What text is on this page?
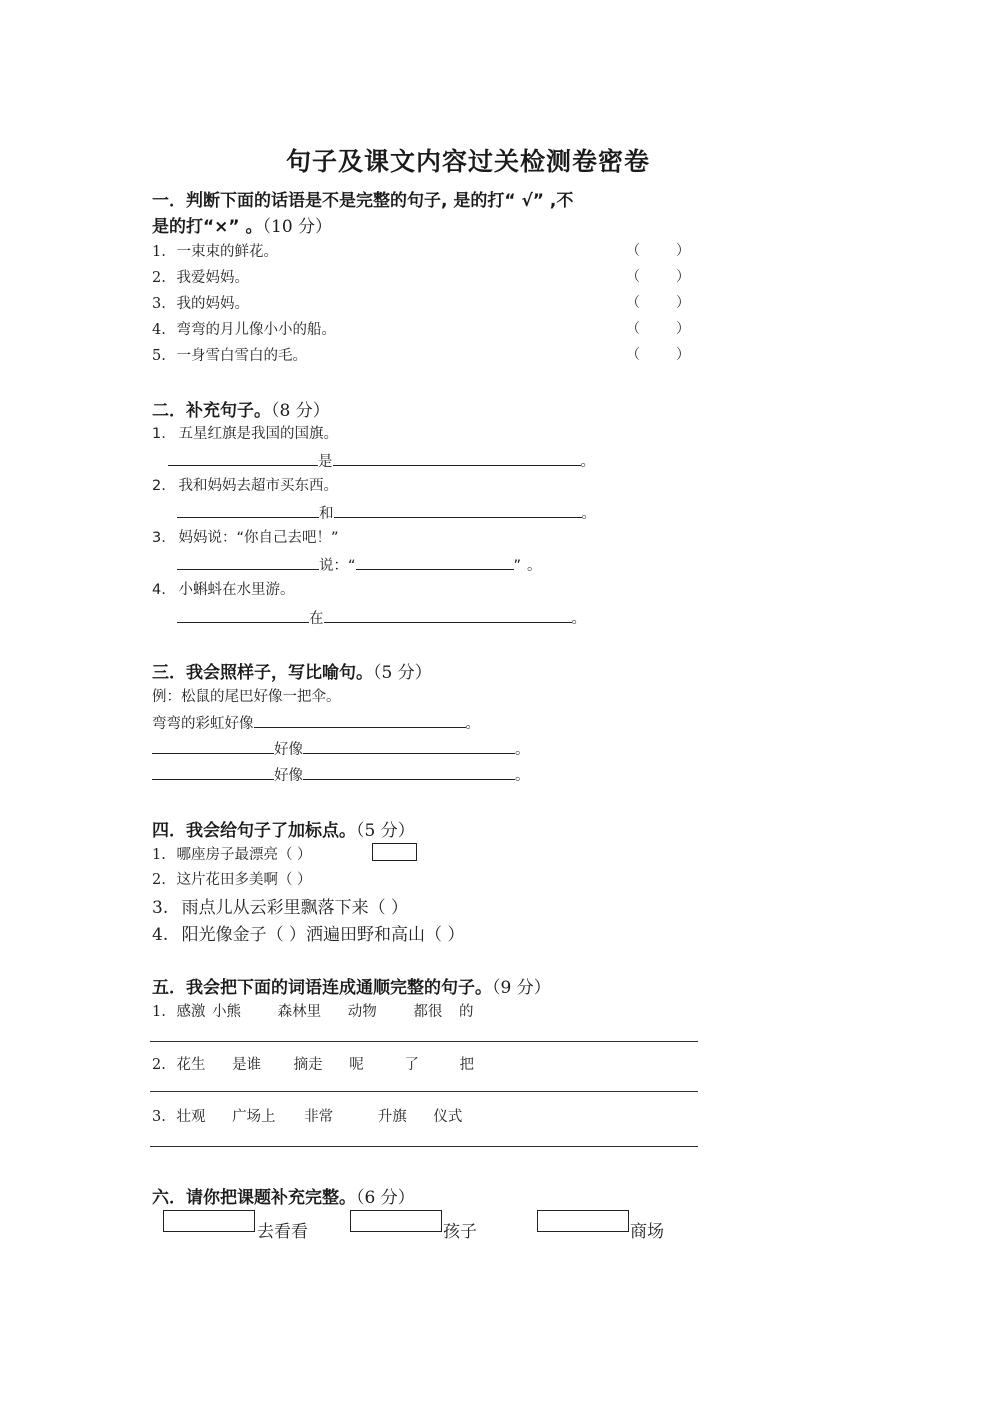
句子及课文内容过关检测卷密卷
一．判断下面的话语是不是完整的句子, 是的打“ √” ,不
是的打“×” 。（10 分）
1. 一束束的鲜花。	（	）
2. 我爱妈妈。	（	）
3. 我的妈妈。	（	）
4. 弯弯的月儿像小小的船。	（	）
5. 一身雪白雪白的毛。	（	）
二．补充句子。（8 分）
1. 五星红旗是我国的国旗。
是	。
2. 我和妈妈去超市买东西。
和	。
3. 妈妈说：“你自己去吧！”
说：“	” 。
4. 小蝌蚪在水里游。
在	。
三．我会照样子，写比喻句。（5 分）
例：松鼠的尾巴好像一把伞。
弯弯的彩虹好像	。
好像	。
好像	。
四．我会给句子了加标点。（5 分）
1. 哪座房子最漂亮（ ）
2. 这片花田多美啊（ ）
3. 雨点儿从云彩里飘落下来（ ）
4. 阳光像金子（ ）洒遍田野和高山（ ）
五．我会把下面的词语连成通顺完整的句子。（9 分）
1. 感激 小熊	森林里 动物	都很 的
2. 花生 是谁 摘走 呢	了	把
3. 壮观 广场上 非常	升旗 仪式
六．请你把课题补充完整。（6 分）
去看看	孩子	商场
